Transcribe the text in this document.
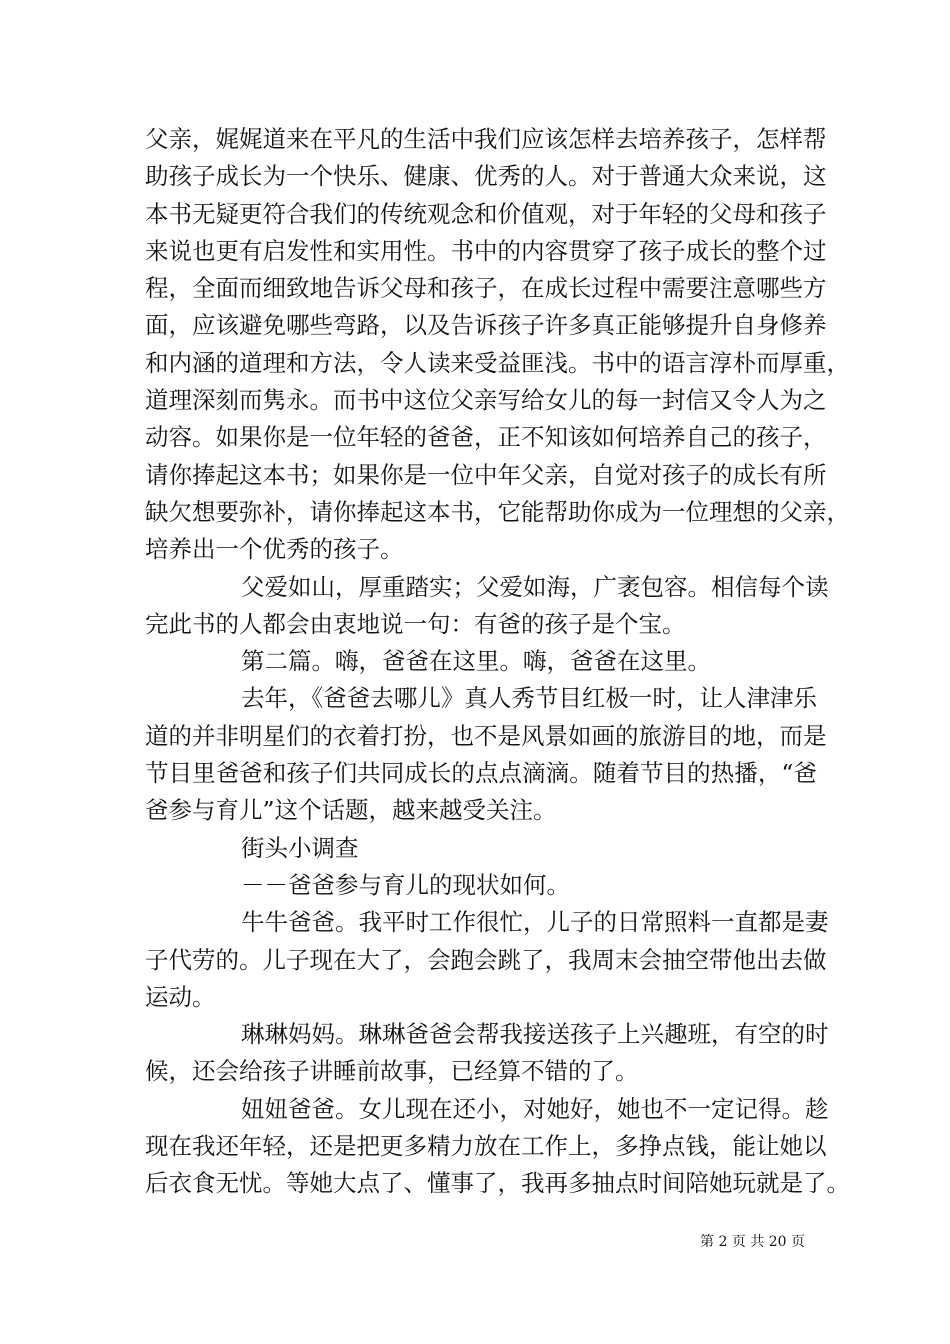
父亲，娓娓道来在平凡的生活中我们应该怎样去培养孩子，怎样帮
助孩子成长为一个快乐、健康、优秀的人。对于普通大众来说，这
本书无疑更符合我们的传统观念和价值观，对于年轻的父母和孩子
来说也更有启发性和实用性。书中的内容贯穿了孩子成长的整个过
程，全面而细致地告诉父母和孩子，在成长过程中需要注意哪些方
面，应该避免哪些弯路，以及告诉孩子许多真正能够提升自身修养
和内涵的道理和方法，令人读来受益匪浅。书中的语言淳朴而厚重，
道理深刻而隽永。而书中这位父亲写给女儿的每一封信又令人为之
动容。如果你是一位年轻的爸爸，正不知该如何培养自己的孩子，
请你捧起这本书；如果你是一位中年父亲，自觉对孩子的成长有所
缺欠想要弥补，请你捧起这本书，它能帮助你成为一位理想的父亲，
培养出一个优秀的孩子。
父爱如山，厚重踏实；父爱如海，广袤包容。相信每个读
完此书的人都会由衷地说一句：有爸的孩子是个宝。
第二篇。嗨，爸爸在这里。嗨，爸爸在这里。
去年，《爸爸去哪儿》真人秀节目红极一时，让人津津乐
道的并非明星们的衣着打扮，也不是风景如画的旅游目的地，而是
节目里爸爸和孩子们共同成长的点点滴滴。随着节目的热播，“爸
爸参与育儿”这个话题，越来越受关注。
街头小调查
－－爸爸参与育儿的现状如何。
牛牛爸爸。我平时工作很忙，儿子的日常照料一直都是妻
子代劳的。儿子现在大了，会跑会跳了，我周末会抽空带他出去做
运动。
琳琳妈妈。琳琳爸爸会帮我接送孩子上兴趣班，有空的时
候，还会给孩子讲睡前故事，已经算不错的了。
妞妞爸爸。女儿现在还小，对她好，她也不一定记得。趁
现在我还年轻，还是把更多精力放在工作上，多挣点钱，能让她以
后衣食无忧。等她大点了、懂事了，我再多抽点时间陪她玩就是了。
第 2 页 共 20 页
